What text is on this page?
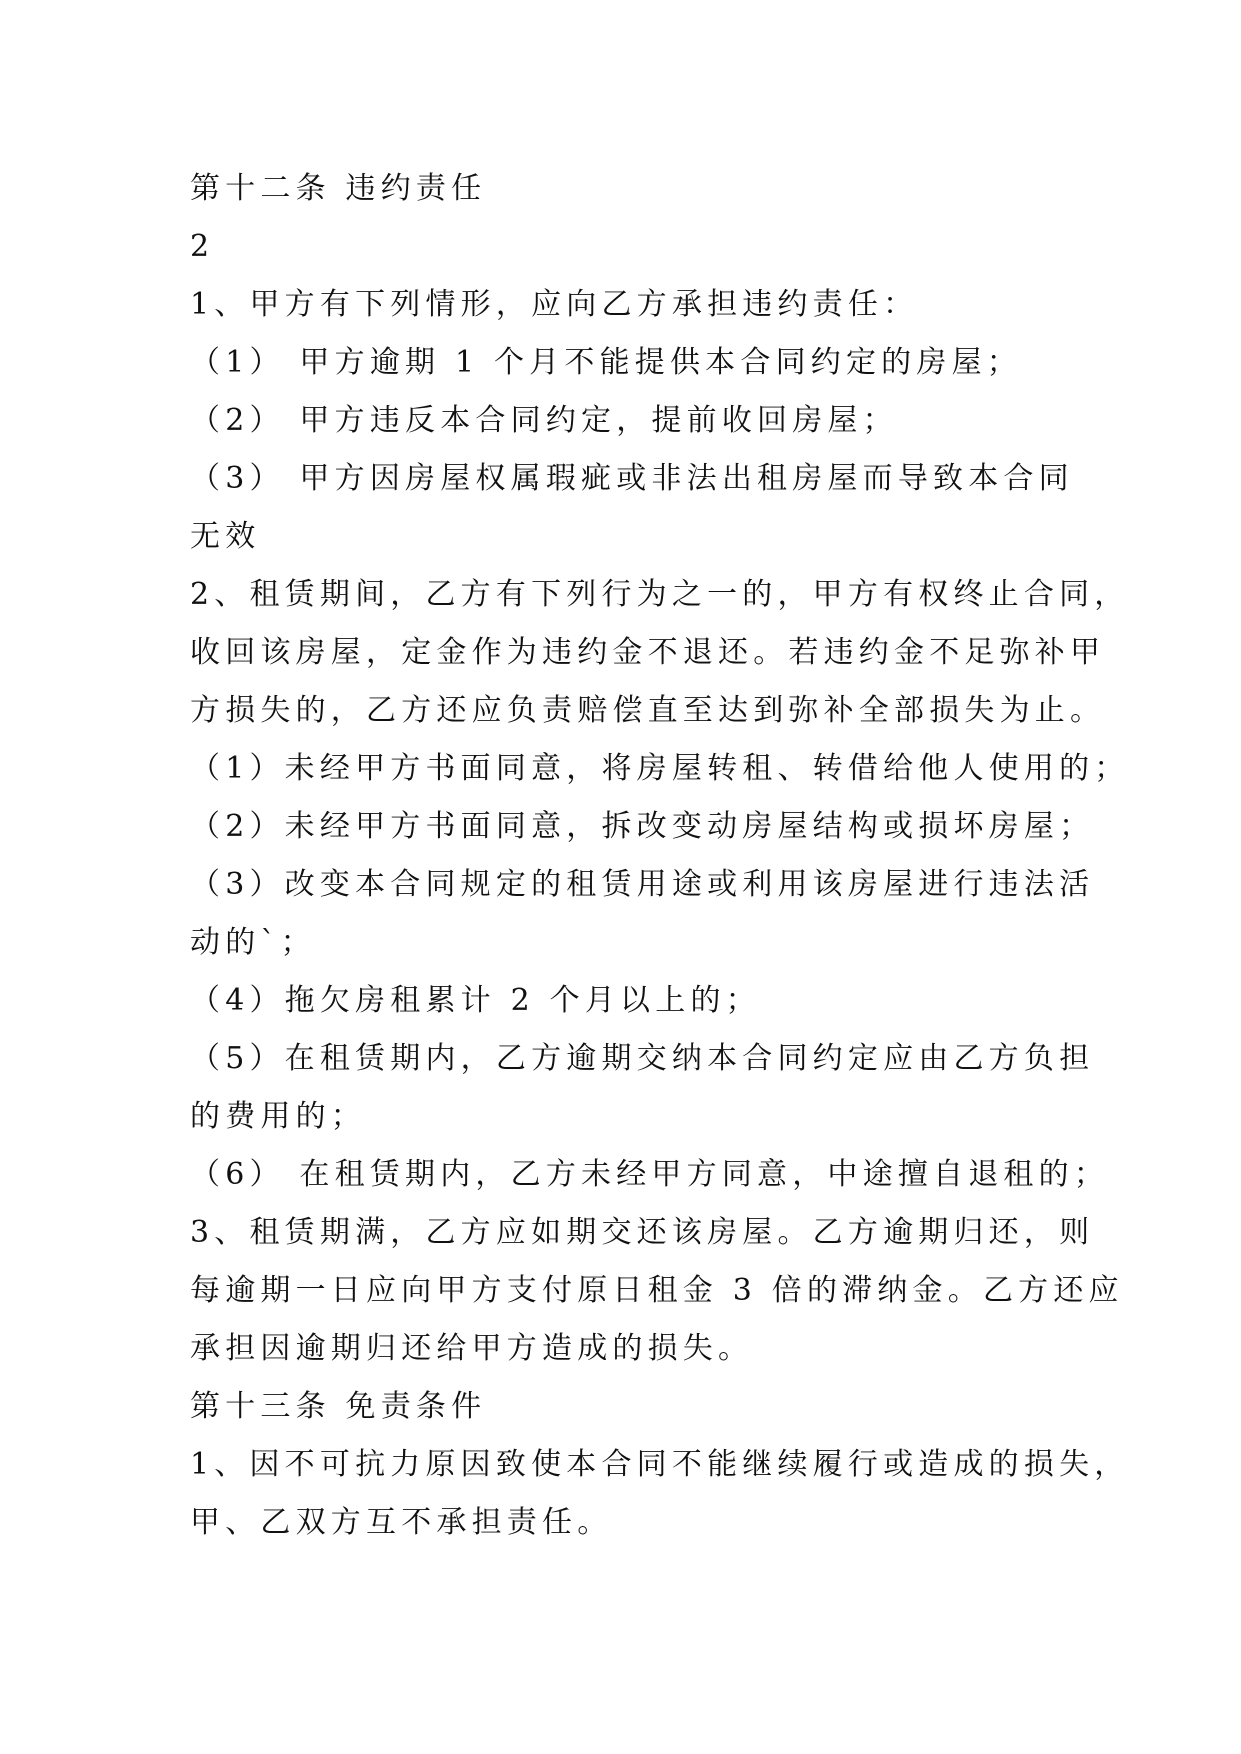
第十二条 违约责任
2
1、甲方有下列情形，应向乙方承担违约责任：
（1） 甲方逾期 1 个月不能提供本合同约定的房屋；
（2） 甲方违反本合同约定，提前收回房屋；
（3） 甲方因房屋权属瑕疵或非法出租房屋而导致本合同
无效
2、租赁期间，乙方有下列行为之一的，甲方有权终止合同，
收回该房屋，定金作为违约金不退还。若违约金不足弥补甲
方损失的，乙方还应负责赔偿直至达到弥补全部损失为止。
（1）未经甲方书面同意，将房屋转租、转借给他人使用的；
（2）未经甲方书面同意，拆改变动房屋结构或损坏房屋；
（3）改变本合同规定的租赁用途或利用该房屋进行违法活
动的`；
（4）拖欠房租累计 2 个月以上的；
（5）在租赁期内，乙方逾期交纳本合同约定应由乙方负担
的费用的；
（6） 在租赁期内，乙方未经甲方同意，中途擅自退租的；
3、租赁期满，乙方应如期交还该房屋。乙方逾期归还，则
每逾期一日应向甲方支付原日租金 3 倍的滞纳金。乙方还应
承担因逾期归还给甲方造成的损失。
第十三条 免责条件
1、因不可抗力原因致使本合同不能继续履行或造成的损失，
甲、乙双方互不承担责任。
